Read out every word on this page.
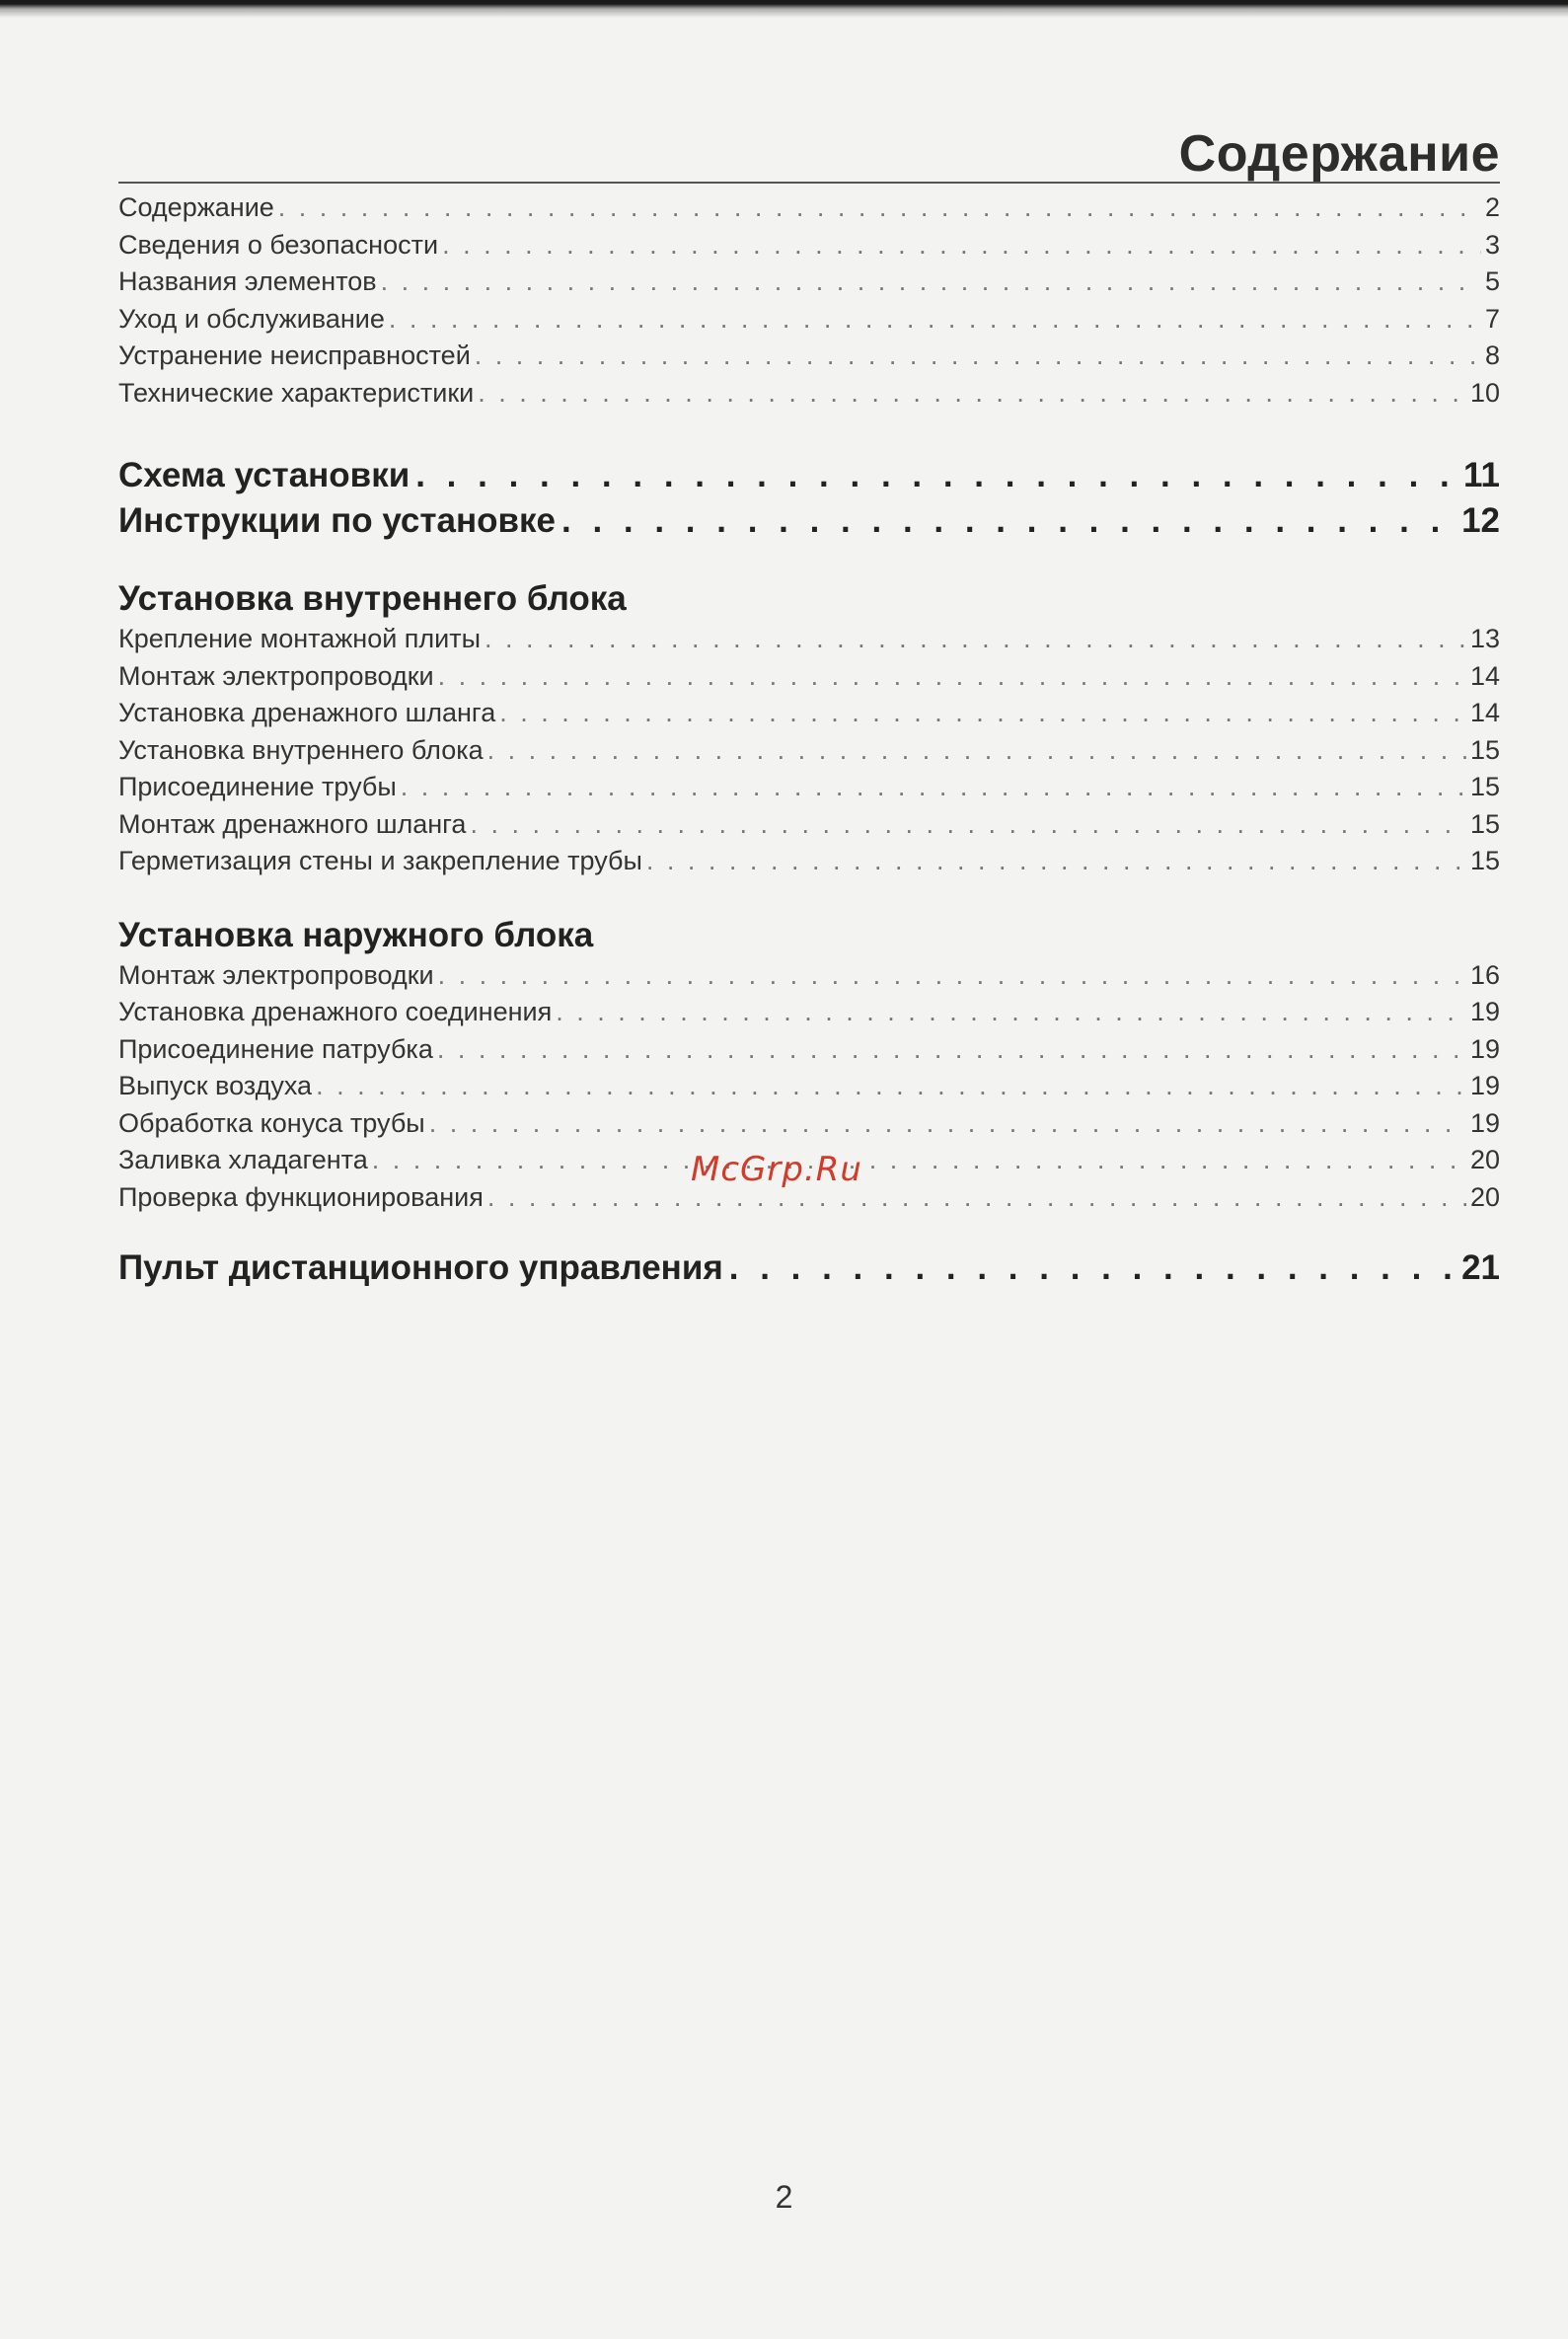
Содержание
Содержание . . .	2
Сведения о безопасности . . .	3
Названия элементов . . .	5
Уход и обслуживание . . .	7
Устранение неисправностей . . .	8
Технические характеристики . . .	10
Схема установки . . .	11
Инструкции по установке . . .	12
Установка внутреннего блока
Крепление монтажной плиты . . .	13
Монтаж электропроводки . . .	14
Установка дренажного шланга . . .	14
Установка внутреннего блока . . .	15
Присоединение трубы . . .	15
Монтаж дренажного шланга . . .	15
Герметизация стены и закрепление трубы . . .	15
Установка наружного блока
Монтаж электропроводки . . .	16
Установка дренажного соединения . . .	19
Присоединение патрубка . . .	19
Выпуск воздуха . . .	19
Обработка конуса трубы . . .	19
Заливка хладагента . . .	20
Проверка функционирования . . .	20
Пульт дистанционного управления . . .	21
McGrp.Ru
2
